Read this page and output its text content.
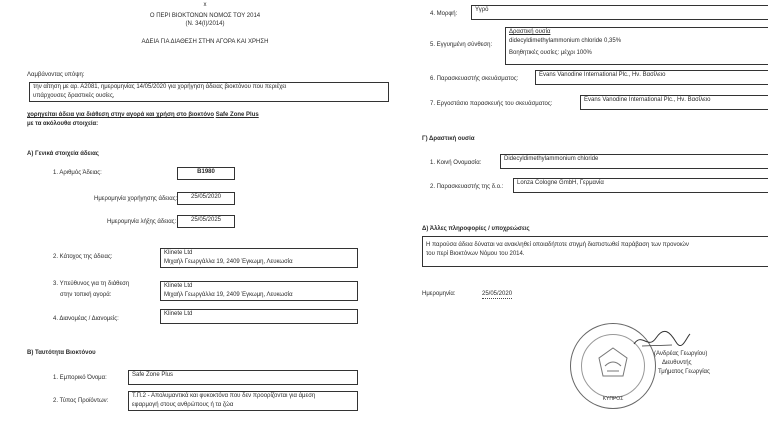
x
Ο ΠΕΡΙ ΒΙΟΚΤΟΝΩΝ ΝΟΜΟΣ ΤΟΥ 2014
(Ν. 34(Ι)/2014)
ΑΔΕΙΑ ΓΙΑ ΔΙΑΘΕΣΗ ΣΤΗΝ ΑΓΟΡΑ ΚΑΙ ΧΡΗΣΗ
Λαμβάνοντας υπόψη:
την αίτηση με αρ. Α2081, ημερομηνίας 14/05/2020 για χορήγηση άδειας βιοκτόνου που περιέχει
υπάρχουσες δραστικές ουσίες,
χορηγείται άδεια για διάθεση στην αγορά και χρήση στο βιοκτόνο Safe Zone Plus
με τα ακόλουθα στοιχεία:
Α) Γενικά στοιχεία άδειας
1. Αριθμός Άδειας:	B1980
Ημερομηνία χορήγησης άδειας:	25/05/2020
Ημερομηνία λήξης άδειας:	25/05/2025
2. Κάτοχος της άδειας:
Klinete Ltd
Μιχαήλ Γεωργάλλα 19, 2409 Έγκωμη, Λευκωσία
3. Υπεύθυνος για τη διάθεση
στην τοπική αγορά:
Klinete Ltd
Μιχαήλ Γεωργάλλα 19, 2409 Έγκωμη, Λευκωσία
4. Διανομέας / Διανομείς:
Klinete Ltd
Β) Ταυτότητα Βιοκτόνου
1. Εμπορικό Όνομα:	Safe Zone Plus
2. Τύπος Προϊόντων:
Τ.Π.2 - Απολυμαντικά και φυκοκτόνα που δεν προορίζονται για άμεση
εφαρμογή στους ανθρώπους ή τα ζώα
4. Μορφή:
Υγρό
5. Εγγυημένη σύνθεση:
Δραστική ουσία
didecyldimethylammonium chloride 0,35%
Βοηθητικές ουσίες: μέχρι 100%
6. Παρασκευαστής σκευάσματος:
Evans Vanodine International Plc., Ην. Βασίλειο
7. Εργοστάσιο παρασκευής του σκευάσματος:
Evans Vanodine International Plc., Ην. Βασίλειο
Γ) Δραστική ουσία
1. Κοινή Ονομασία:
Didecyldimethylammonium chloride
2. Παρασκευαστής της δ.ο.:
Lonza Cologne GmbH, Γερμανία
Δ) Άλλες πληροφορίες / υποχρεώσεις
Η παρούσα άδεια δύναται να ανακληθεί οποιαδήποτε στιγμή διαπιστωθεί παράβαση των προνοιών
του περί Βιοκτόνων Νόμου του 2014.
Ημερομηνία:	25/05/2020
ΚΥΠΡΟΣ
(Ανδρέας Γεωργίου)
Διευθυντής
Τμήματος Γεωργίας
